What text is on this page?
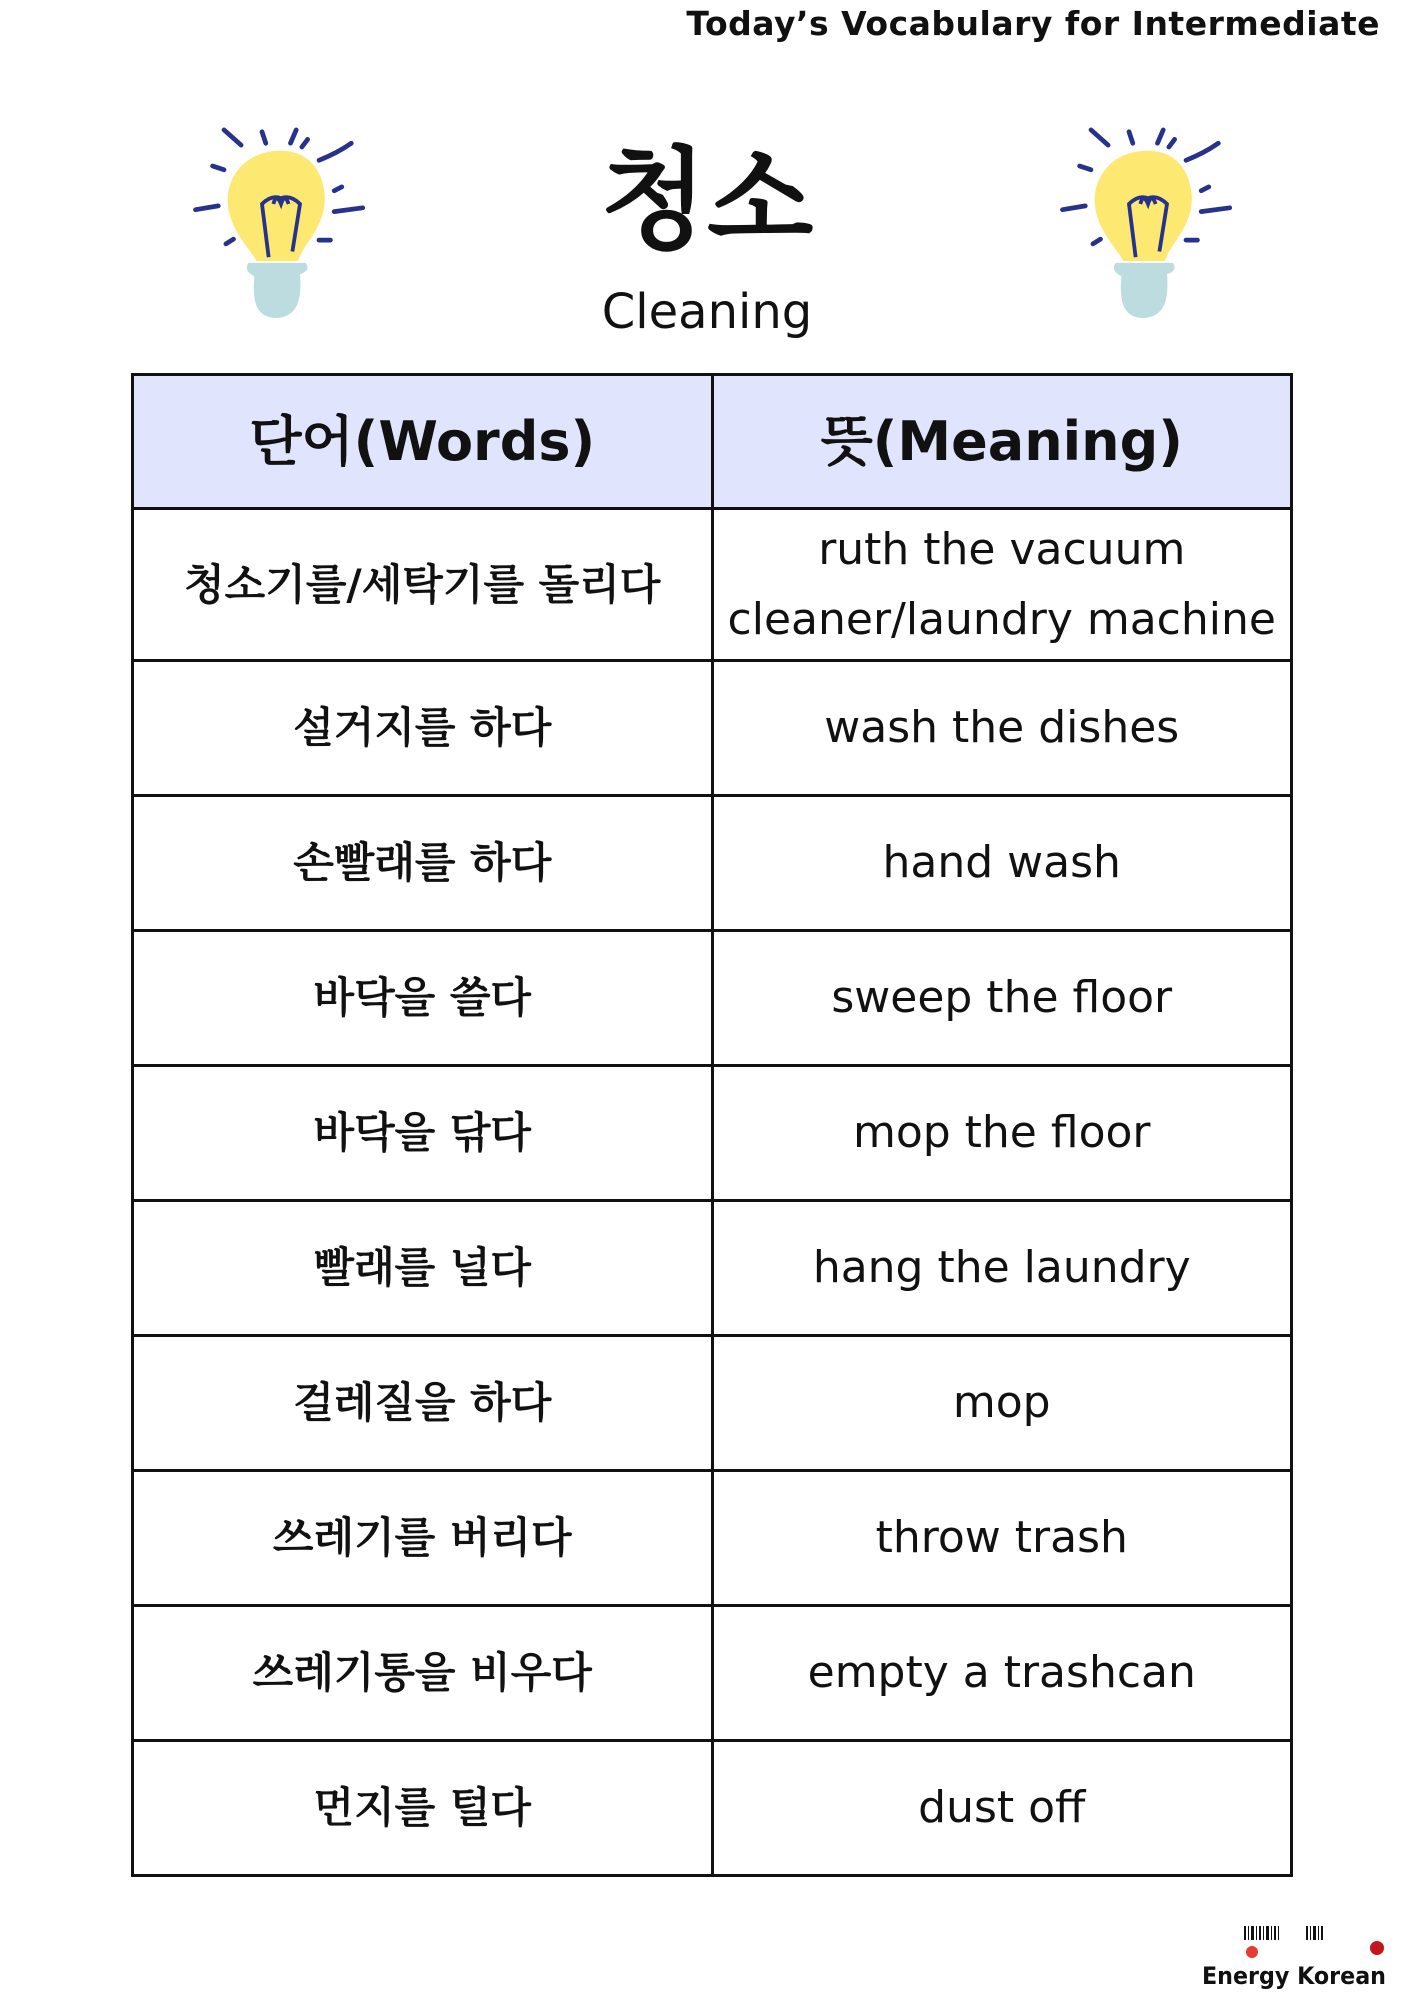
Today’s Vocabulary for Intermediate
청소
Cleaning
단어(Words)	뜻(Meaning)
청소기를/세탁기를 돌리다	ruth the vacuum cleaner/laundry machine
설거지를 하다	wash the dishes
손빨래를 하다	hand wash
바닥을 쓸다	sweep the floor
바닥을 닦다	mop the floor
빨래를 널다	hang the laundry
걸레질을 하다	mop
쓰레기를 버리다	throw trash
쓰레기통을 비우다	empty a trashcan
먼지를 털다	dust off
Energy Korean
